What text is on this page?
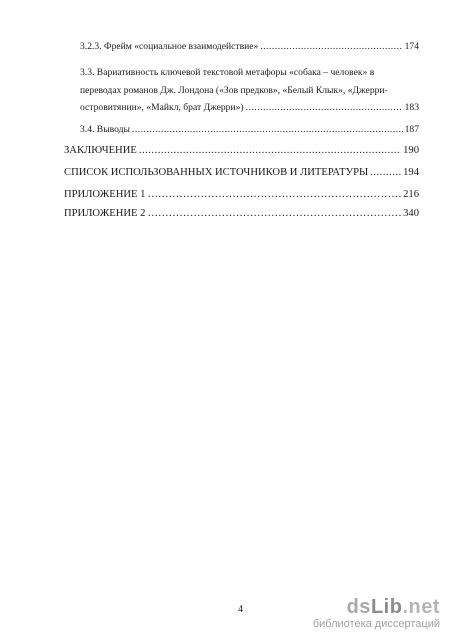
3.2.3. Фрейм «социальное взаимодействие» .....	174
3.3. Вариативность ключевой текстовой метафоры «собака – человек» в
переводах романов Дж. Лондона («Зов предков», «Белый Клык», «Джерри-
островитянин», «Майкл, брат Джерри») .....	183
3.4. Выводы .....	187
ЗАКЛЮЧЕНИЕ .....	190
СПИСОК ИСПОЛЬЗОВАННЫХ ИСТОЧНИКОВ И ЛИТЕРАТУРЫ .....	194
ПРИЛОЖЕНИЕ 1 ………………………………………………………………………………………………………………………………………………	216
ПРИЛОЖЕНИЕ 2 ………………………………………………………………………………………………………………………………………………	340
4	dsLib.net
библиотека диссертаций
